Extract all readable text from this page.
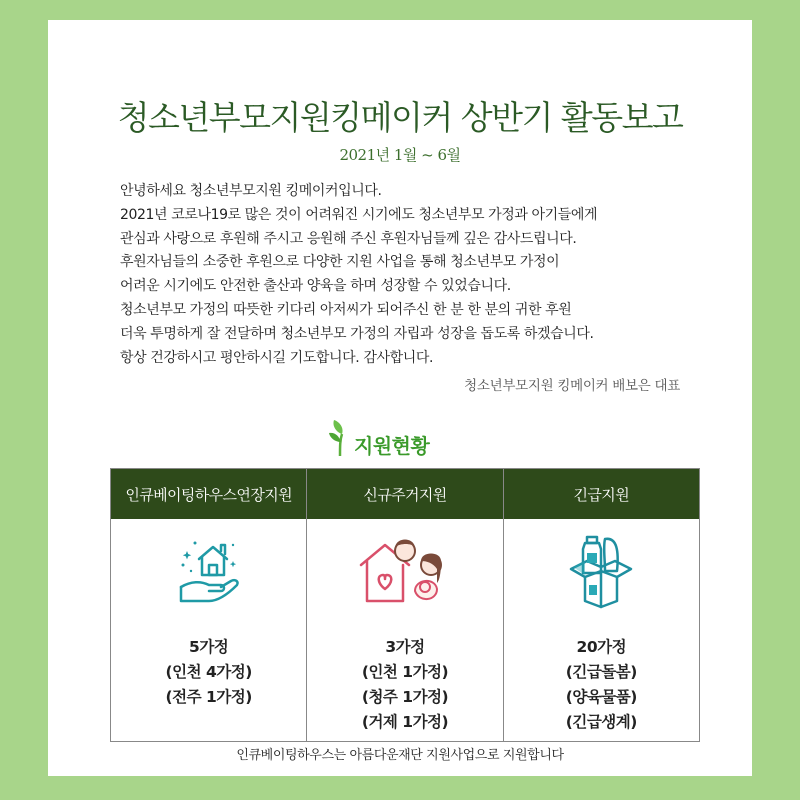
청소년부모지원킹메이커 상반기 활동보고
2021년 1월 ~ 6월
안녕하세요 청소년부모지원 킹메이커입니다.
2021년 코로나19로 많은 것이 어려워진 시기에도 청소년부모 가정과 아기들에게
관심과 사랑으로 후원해 주시고 응원해 주신 후원자님들께 깊은 감사드립니다.
후원자님들의 소중한 후원으로 다양한 지원 사업을 통해 청소년부모 가정이
어려운 시기에도 안전한 출산과 양육을 하며 성장할 수 있었습니다.
청소년부모 가정의 따뜻한 키다리 아저씨가 되어주신 한 분 한 분의 귀한 후원
더욱 투명하게 잘 전달하며 청소년부모 가정의 자립과 성장을 돕도록 하겠습니다.
항상 건강하시고 평안하시길 기도합니다. 감사합니다.
청소년부모지원 킹메이커 배보은 대표
지원현황
인큐베이팅하우스연장지원
5가정
(인천 4가정)
(전주 1가정)
신규주거지원
3가정
(인천 1가정)
(청주 1가정)
(거제 1가정)
긴급지원
20가정
(긴급돌봄)
(양육물품)
(긴급생계)
인큐베이팅하우스는 아름다운재단 지원사업으로 지원합니다
